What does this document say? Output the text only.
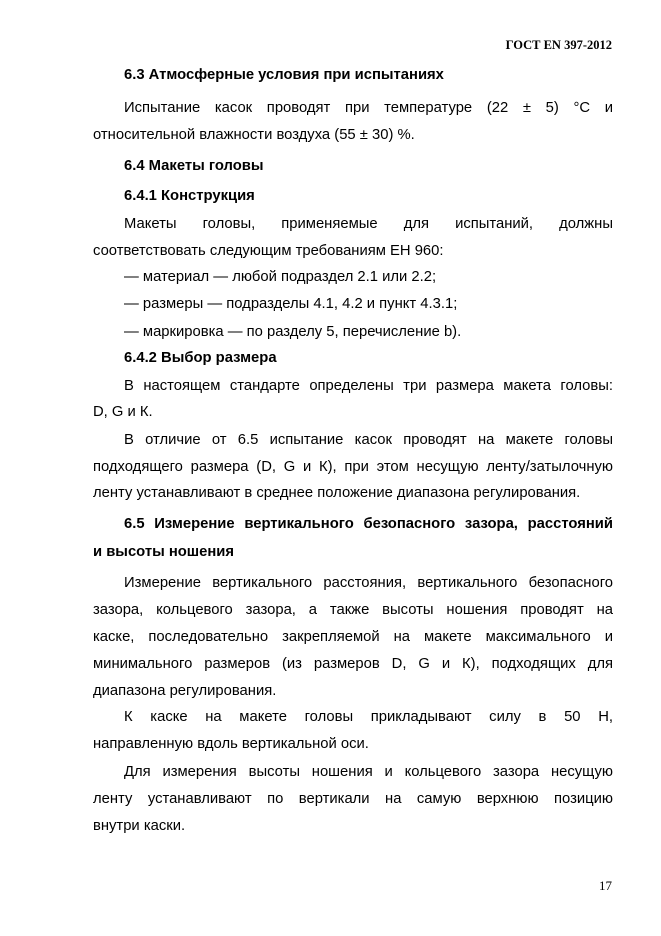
ГОСТ EN 397-2012
6.3 Атмосферные условия при испытаниях
Испытание касок проводят при температуре (22 ± 5) °С и
относительной влажности воздуха (55 ± 30) %.
6.4 Макеты головы
6.4.1 Конструкция
Макеты головы, применяемые для испытаний, должны
соответствовать следующим требованиям ЕН 960:
— материал — любой подраздел 2.1 или 2.2;
— размеры — подразделы 4.1, 4.2 и пункт 4.3.1;
— маркировка — по разделу 5, перечисление b).
6.4.2 Выбор размера
В настоящем стандарте определены три размера макета головы:
D, G и К.
В отличие от 6.5 испытание касок проводят на макете головы
подходящего размера (D, G и К), при этом несущую ленту/затылочную
ленту устанавливают в среднее положение диапазона регулирования.
6.5 Измерение вертикального безопасного зазора, расстояний
и высоты ношения
Измерение вертикального расстояния, вертикального безопасного
зазора, кольцевого зазора, а также высоты ношения проводят на
каске, последовательно закрепляемой на макете максимального и
минимального размеров (из размеров D, G и К), подходящих для
диапазона регулирования.
К каске на макете головы прикладывают силу в 50 Н,
направленную вдоль вертикальной оси.
Для измерения высоты ношения и кольцевого зазора несущую
ленту устанавливают по вертикали на самую верхнюю позицию
внутри каски.
17
